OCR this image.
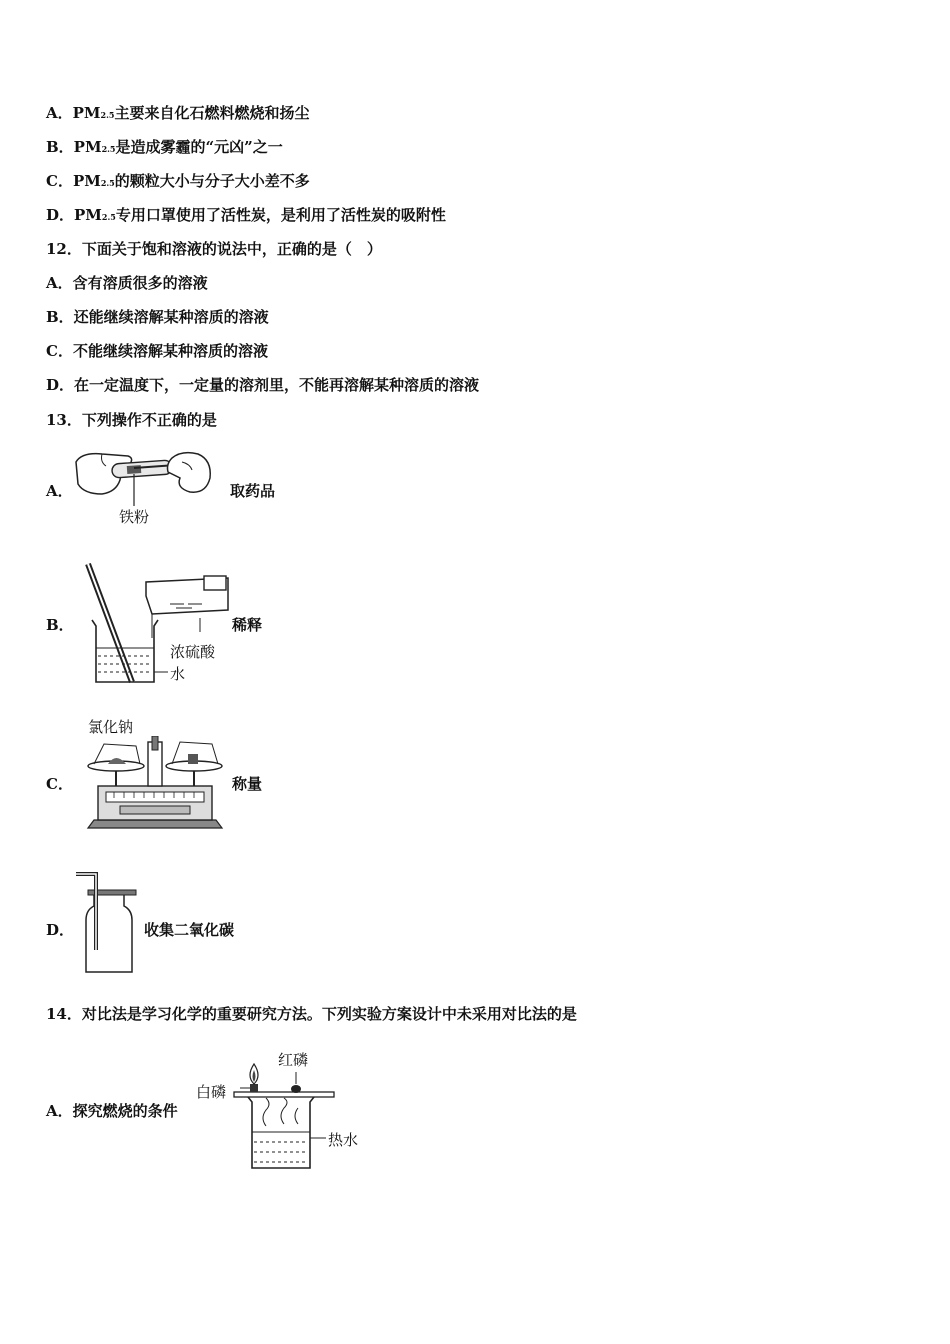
A．PM2.5主要来自化石燃料燃烧和扬尘
B．PM2.5是造成雾霾的“元凶”之一
C．PM2.5的颗粒大小与分子大小差不多
D．PM2.5专用口罩使用了活性炭，是利用了活性炭的吸附性
12．下面关于饱和溶液的说法中，正确的是（　）
A．含有溶质很多的溶液
B．还能继续溶解某种溶质的溶液
C．不能继续溶解某种溶质的溶液
D．在一定温度下，一定量的溶剂里，不能再溶解某种溶质的溶液
13．下列操作不正确的是
A．
铁粉
取药品
B．
浓硫酸
水
稀释
C．
氯化钠
称量
D．	收集二氧化碳
14．对比法是学习化学的重要研究方法。下列实验方案设计中未采用对比法的是
A．探究燃烧的条件
红磷
白磷
热水
